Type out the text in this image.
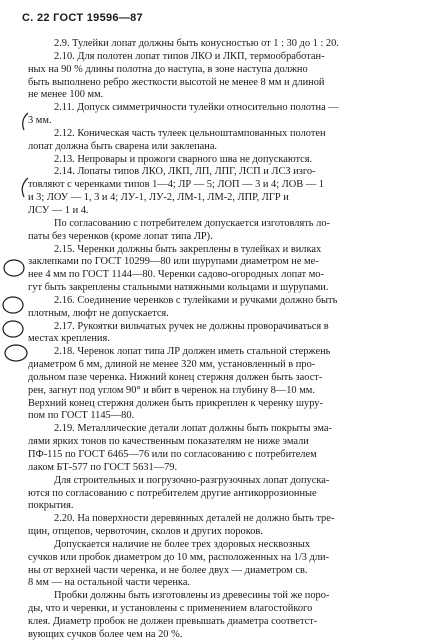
С. 22 ГОСТ 19596—87
2.9. Тулейки лопат должны быть конусностью от 1 : 30 до 1 : 20.
2.10. Для полотен лопат типов ЛКО и ЛКП, термообработан-
ных на 90 % длины полотна до наступа, в зоне наступа должно
быть выполнено ребро жесткости высотой не менее 8 мм и длиной
не менее 100 мм.
2.11. Допуск симметричности тулейки относительно полотна —
3 мм.
2.12. Коническая часть тулеек цельноштампованных полотен
лопат должна быть сварена или заклепана.
2.13. Непровары и прожоги сварного шва не допускаются.
2.14. Лопаты типов ЛКО, ЛКП, ЛП, ЛПГ, ЛСП и ЛСЗ изго-
товляют с черенками типов 1—4; ЛР — 5; ЛОП — 3 и 4; ЛОВ — 1
и 3; ЛОУ — 1, 3 и 4; ЛУ-1, ЛУ-2, ЛМ-1, ЛМ-2, ЛПР, ЛГР и
ЛСУ — 1 и 4.
По согласованию с потребителем допускается изготовлять ло-
паты без черенков (кроме лопат типа ЛР).
2.15. Черенки должны быть закреплены в тулейках и вилках
заклепками по ГОСТ 10299—80 или шурупами диаметром не ме-
нее 4 мм по ГОСТ 1144—80. Черенки садово-огородных лопат мо-
гут быть закреплены стальными натяжными кольцами и шурупами.
2.16. Соединение черенков с тулейками и ручками должно быть
плотным, люфт не допускается.
2.17. Рукоятки вильчатых ручек не должны проворачиваться в
местах крепления.
2.18. Черенок лопат типа ЛР должен иметь стальной стержень
диаметром 6 мм, длиной не менее 320 мм, установленный в про-
дольном пазе черенка. Нижний конец стержня должен быть заост-
рен, загнут под углом 90° и вбит в черенок на глубину 8—10 мм.
Верхний конец стержня должен быть прикреплен к черенку шуру-
пом по ГОСТ 1145—80.
2.19. Металлические детали лопат должны быть покрыты эма-
лями ярких тонов по качественным показателям не ниже эмали
ПФ-115 по ГОСТ 6465—76 или по согласованию с потребителем
лаком БТ-577 по ГОСТ 5631—79.
Для строительных и погрузочно-разгрузочных лопат допуска-
ются по согласованию с потребителем другие антикоррозионные
покрытия.
2.20. На поверхности деревянных деталей не должно быть тре-
щин, отщепов, червоточин, сколов и других пороков.
Допускается наличие не более трех здоровых несквозных
сучков или пробок диаметром до 10 мм, расположенных на 1/3 дли-
ны от верхней части черенка, и не более двух — диаметром св.
8 мм — на остальной части черенка.
Пробки должны быть изготовлены из древесины той же поро-
ды, что и черенки, и установлены с применением влагостойкого
клея. Диаметр пробок не должен превышать диаметра соответст-
вующих сучков более чем на 20 %.
